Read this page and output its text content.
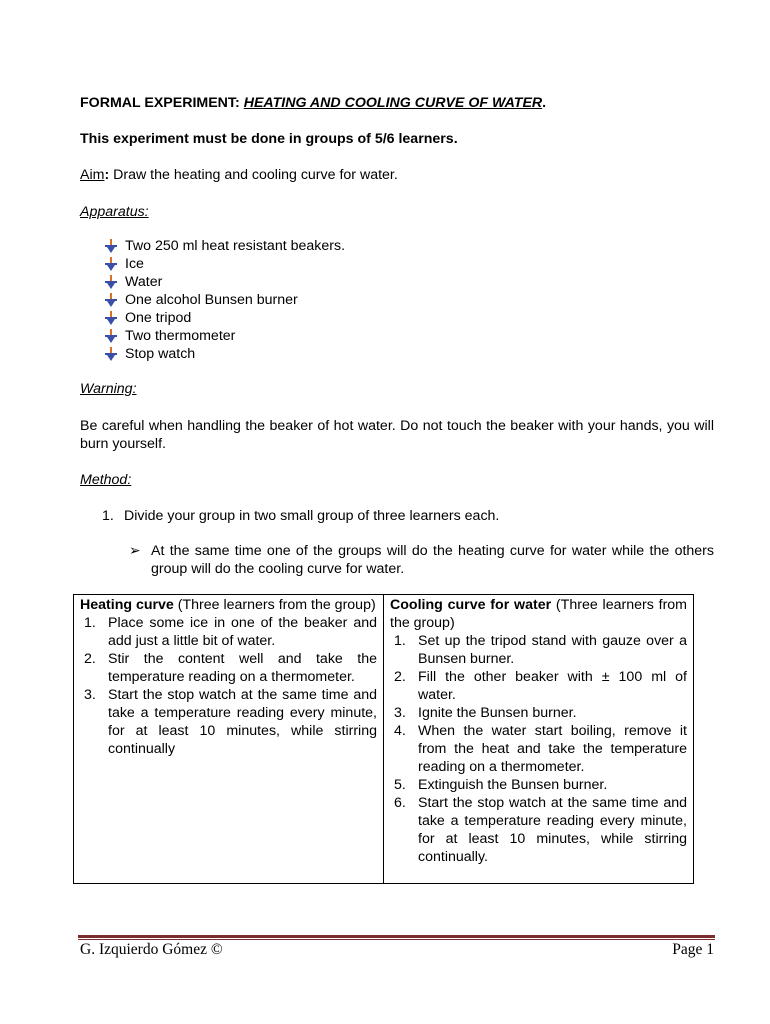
FORMAL EXPERIMENT: HEATING AND COOLING CURVE OF WATER.
This experiment must be done in groups of 5/6 learners.
Aim: Draw the heating and cooling curve for water.
Apparatus:
Two 250 ml heat resistant beakers.
Ice
Water
One alcohol Bunsen burner
One tripod
Two thermometer
Stop watch
Warning:
Be careful when handling the beaker of hot water. Do not touch the beaker with your hands, you will burn yourself.
Method:
1. Divide your group in two small group of three learners each.
➢ At the same time one of the groups will do the heating curve for water while the others group will do the cooling curve for water.
Heating curve (Three learners from the group)
1. Place some ice in one of the beaker and add just a little bit of water.
2. Stir the content well and take the temperature reading on a thermometer.
3. Start the stop watch at the same time and take a temperature reading every minute, for at least 10 minutes, while stirring continually

Cooling curve for water (Three learners from the group)
1. Set up the tripod stand with gauze over a Bunsen burner.
2. Fill the other beaker with ± 100 ml of water.
3. Ignite the Bunsen burner.
4. When the water start boiling, remove it from the heat and take the temperature reading on a thermometer.
5. Extinguish the Bunsen burner.
6. Start the stop watch at the same time and take a temperature reading every minute, for at least 10 minutes, while stirring continually.
G. Izquierdo Gómez ©	Page 1
